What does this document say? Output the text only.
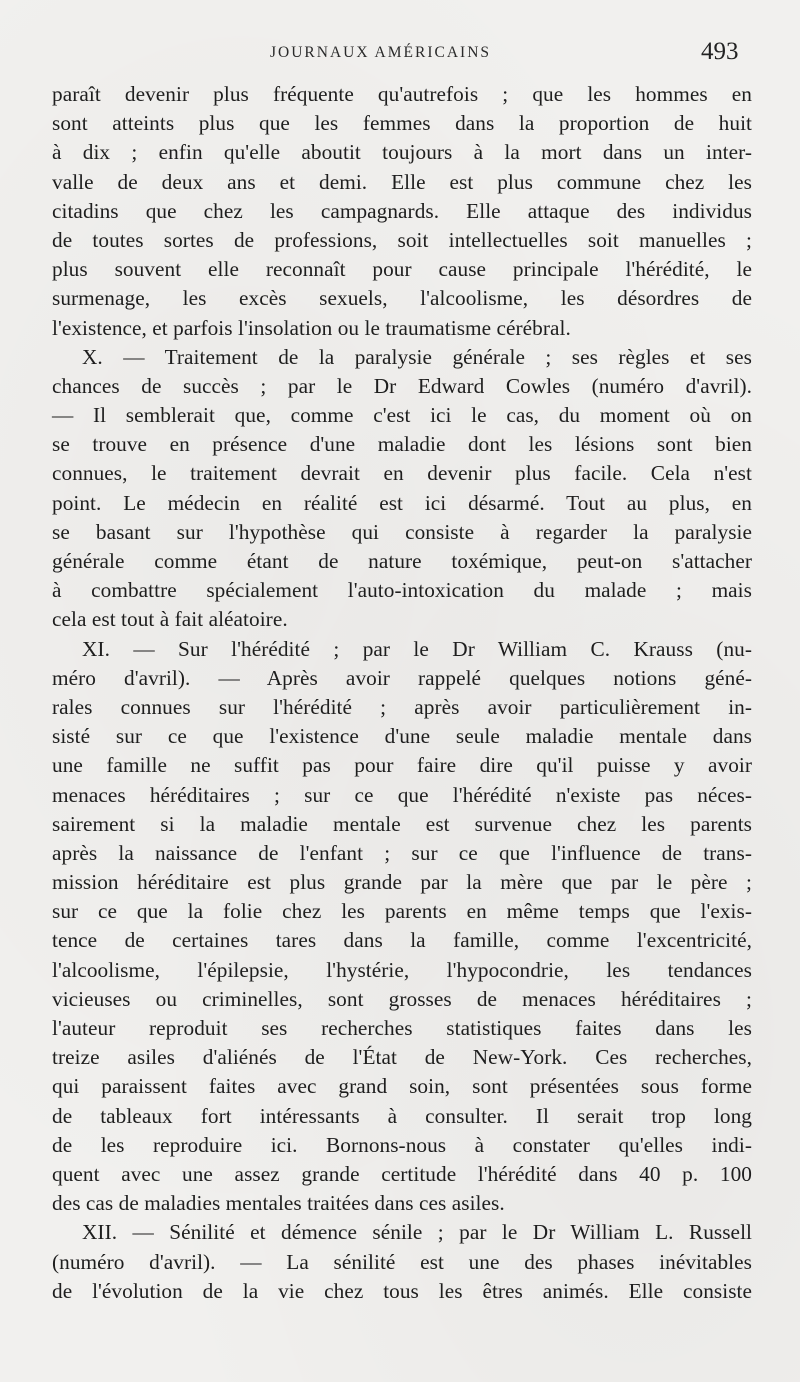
JOURNAUX AMÉRICAINS	493
paraît devenir plus fréquente qu'autrefois ; que les hommes en
sont atteints plus que les femmes dans la proportion de huit
à dix ; enfin qu'elle aboutit toujours à la mort dans un inter-
valle de deux ans et demi. Elle est plus commune chez les
citadins que chez les campagnards. Elle attaque des individus
de toutes sortes de professions, soit intellectuelles soit manuelles ;
plus souvent elle reconnaît pour cause principale l'hérédité, le
surmenage, les excès sexuels, l'alcoolisme, les désordres de
l'existence, et parfois l'insolation ou le traumatisme cérébral.
X. — Traitement de la paralysie générale ; ses règles et ses
chances de succès ; par le Dr Edward Cowles (numéro d'avril).
— Il semblerait que, comme c'est ici le cas, du moment où on
se trouve en présence d'une maladie dont les lésions sont bien
connues, le traitement devrait en devenir plus facile. Cela n'est
point. Le médecin en réalité est ici désarmé. Tout au plus, en
se basant sur l'hypothèse qui consiste à regarder la paralysie
générale comme étant de nature toxémique, peut-on s'attacher
à combattre spécialement l'auto-intoxication du malade ; mais
cela est tout à fait aléatoire.
XI. — Sur l'hérédité ; par le Dr William C. Krauss (nu-
méro d'avril). — Après avoir rappelé quelques notions géné-
rales connues sur l'hérédité ; après avoir particulièrement in-
sisté sur ce que l'existence d'une seule maladie mentale dans
une famille ne suffit pas pour faire dire qu'il puisse y avoir
menaces héréditaires ; sur ce que l'hérédité n'existe pas néces-
sairement si la maladie mentale est survenue chez les parents
après la naissance de l'enfant ; sur ce que l'influence de trans-
mission héréditaire est plus grande par la mère que par le père ;
sur ce que la folie chez les parents en même temps que l'exis-
tence de certaines tares dans la famille, comme l'excentricité,
l'alcoolisme, l'épilepsie, l'hystérie, l'hypocondrie, les tendances
vicieuses ou criminelles, sont grosses de menaces héréditaires ;
l'auteur reproduit ses recherches statistiques faites dans les
treize asiles d'aliénés de l'État de New-York. Ces recherches,
qui paraissent faites avec grand soin, sont présentées sous forme
de tableaux fort intéressants à consulter. Il serait trop long
de les reproduire ici. Bornons-nous à constater qu'elles indi-
quent avec une assez grande certitude l'hérédité dans 40 p. 100
des cas de maladies mentales traitées dans ces asiles.
XII. — Sénilité et démence sénile ; par le Dr William L. Russell
(numéro d'avril). — La sénilité est une des phases inévitables
de l'évolution de la vie chez tous les êtres animés. Elle consiste
